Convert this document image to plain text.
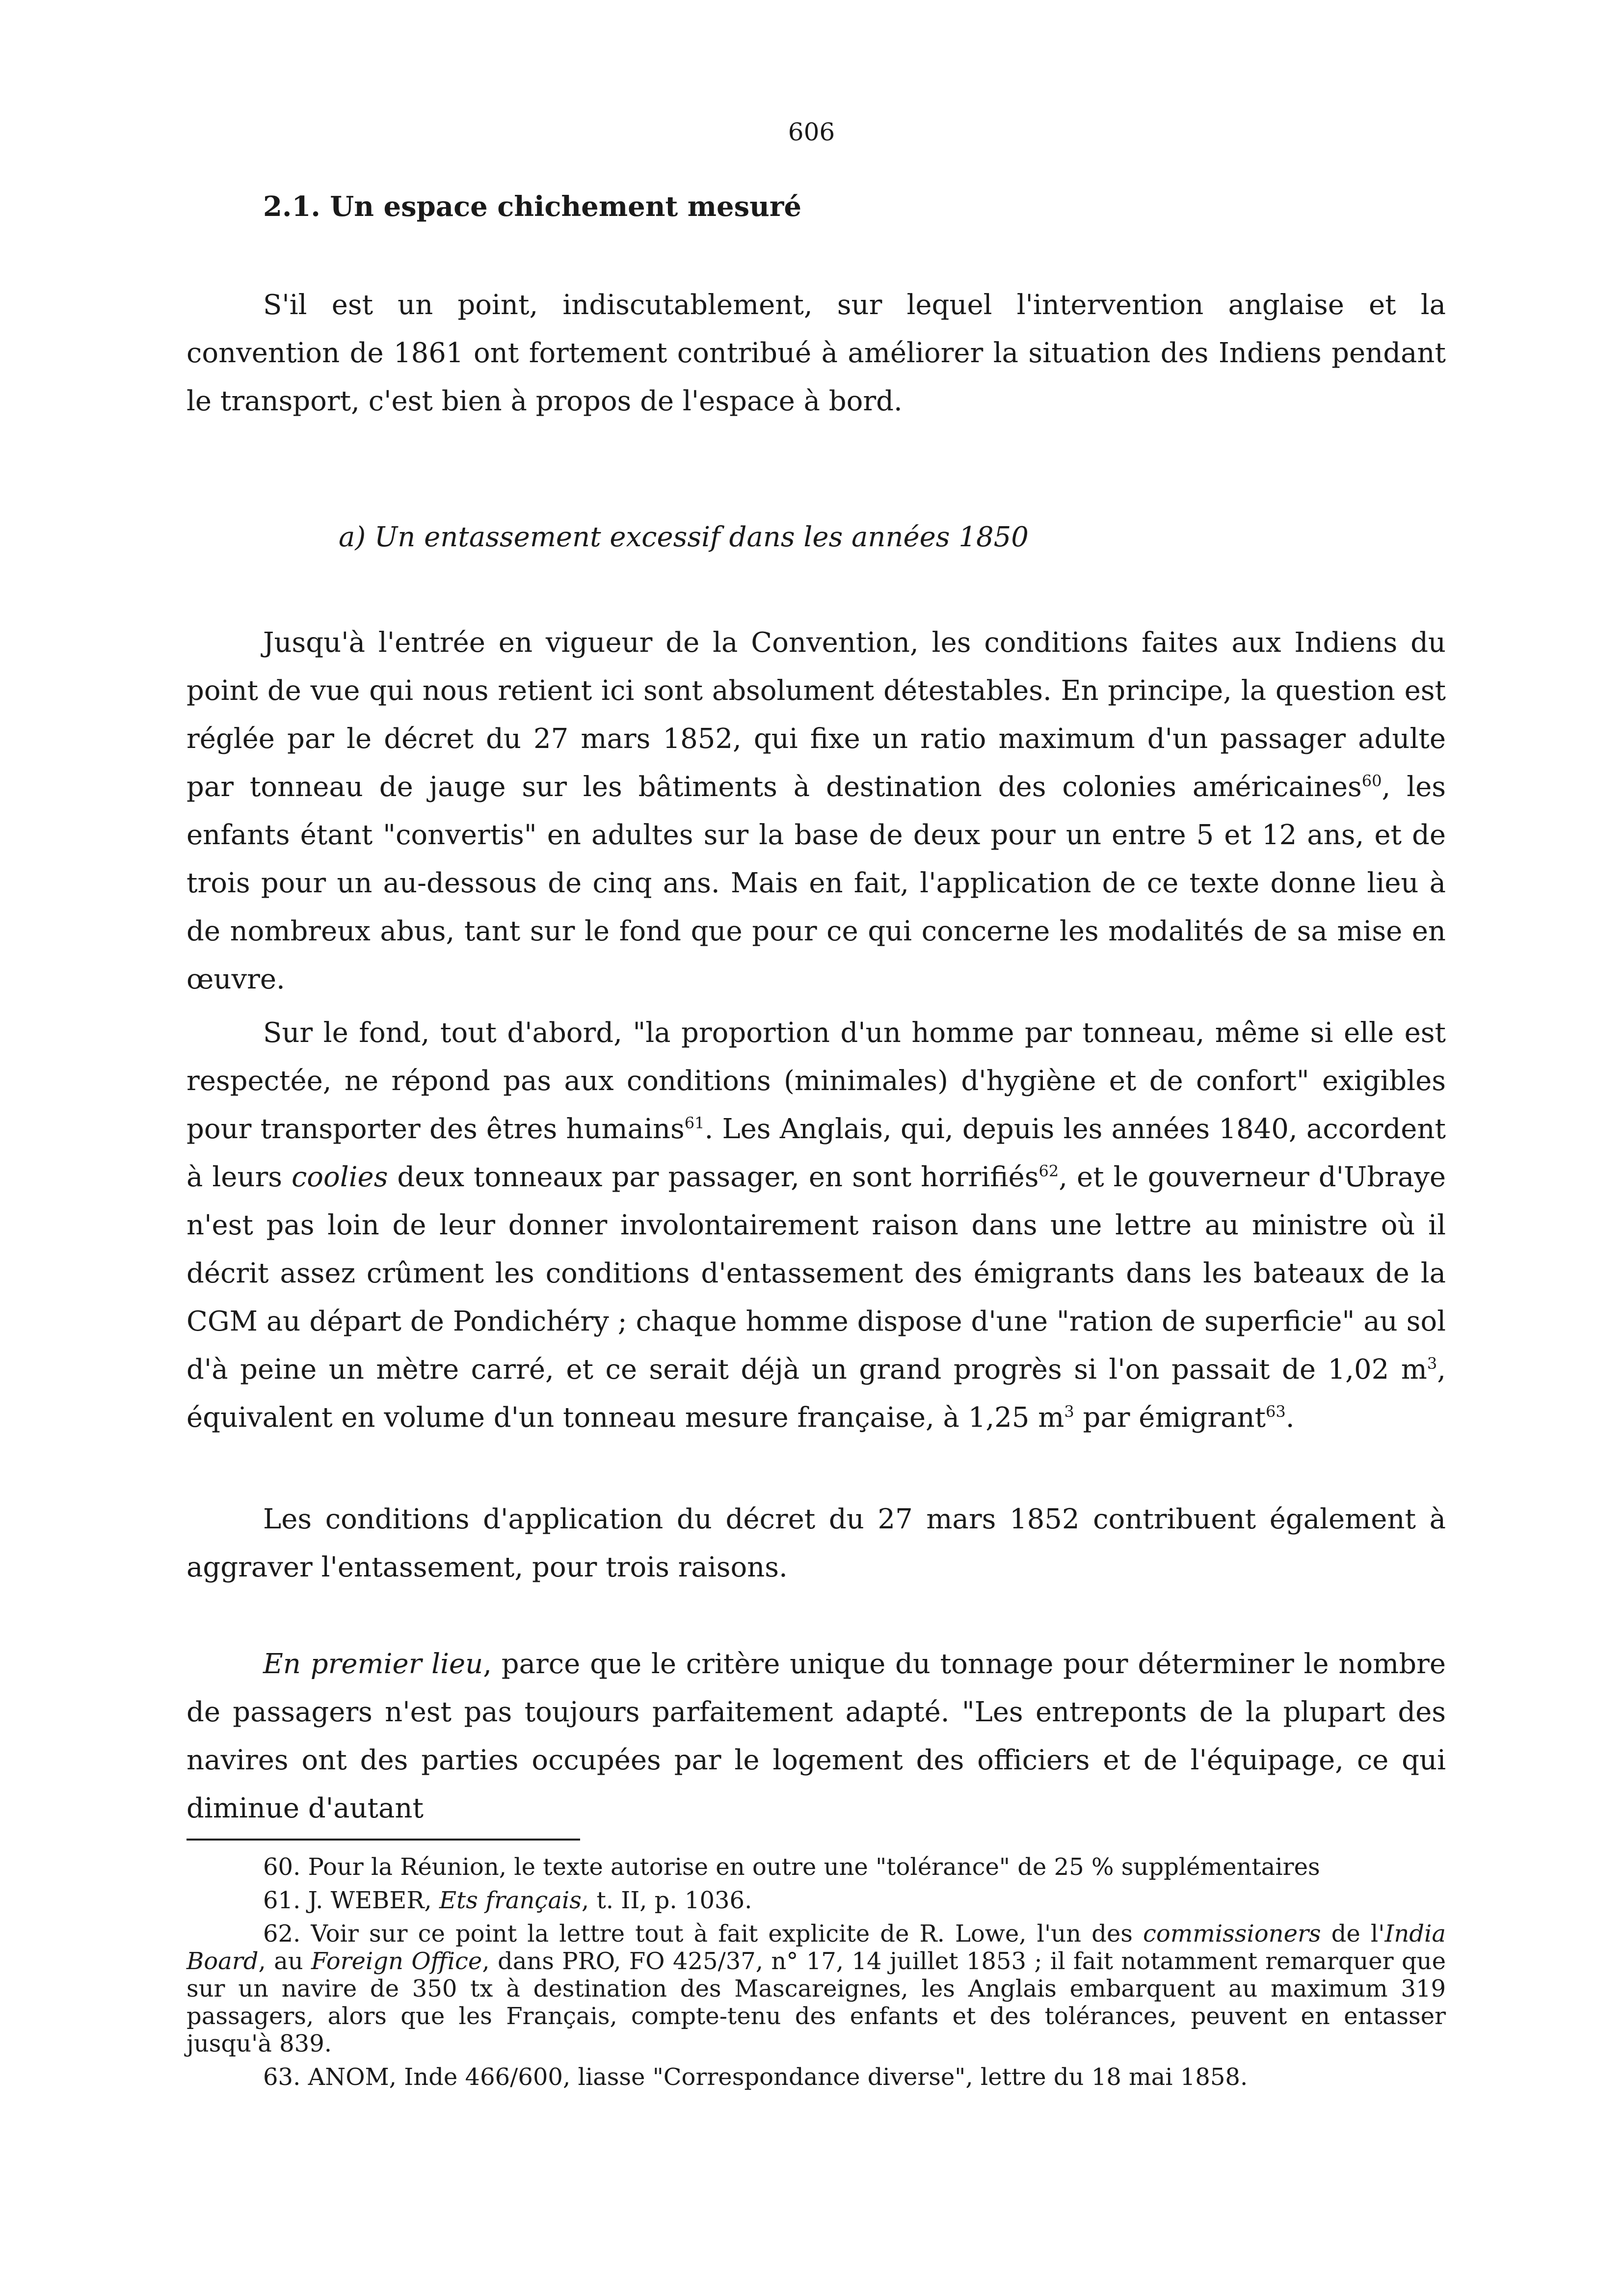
606
2.1. Un espace chichement mesuré

S'il est un point, indiscutablement, sur lequel l'intervention anglaise et la convention de 1861 ont fortement contribué à améliorer la situation des Indiens pendant le transport, c'est bien à propos de l'espace à bord.

a) Un entassement excessif dans les années 1850

Jusqu'à l'entrée en vigueur de la Convention, les conditions faites aux Indiens du point de vue qui nous retient ici sont absolument détestables. En principe, la question est réglée par le décret du 27 mars 1852, qui fixe un ratio maximum d'un passager adulte par tonneau de jauge sur les bâtiments à destination des colonies américaines$^{60}$, les enfants étant "convertis" en adultes sur la base de deux pour un entre 5 et 12 ans, et de trois pour un au-dessous de cinq ans. Mais en fait, l'application de ce texte donne lieu à de nombreux abus, tant sur le fond que pour ce qui concerne les modalités de sa mise en œuvre.

Sur le fond, tout d'abord, "la proportion d'un homme par tonneau, même si elle est respectée, ne répond pas aux conditions (minimales) d'hygiène et de confort" exigibles pour transporter des êtres humains$^{61}$. Les Anglais, qui, depuis les années 1840, accordent à leurs coolies deux tonneaux par passager, en sont horrifiés$^{62}$, et le gouverneur d'Ubraye n'est pas loin de leur donner involontairement raison dans une lettre au ministre où il décrit assez crûment les conditions d'entassement des émigrants dans les bateaux de la CGM au départ de Pondichéry ; chaque homme dispose d'une "ration de superficie" au sol d'à peine un mètre carré, et ce serait déjà un grand progrès si l'on passait de 1,02 $m^3$, équivalent en volume d'un tonneau mesure française, à 1,25 $m^3$ par émigrant$^{63}$.

Les conditions d'application du décret du 27 mars 1852 contribuent également à aggraver l'entassement, pour trois raisons.

En premier lieu, parce que le critère unique du tonnage pour déterminer le nombre de passagers n'est pas toujours parfaitement adapté. "Les entreponts de la plupart des navires ont des parties occupées par le logement des officiers et de l'équipage, ce qui diminue d'autant

60. Pour la Réunion, le texte autorise en outre une "tolérance" de 25 % supplémentaires

61. J. WEBER, Ets français, t. II, p. 1036.

62. Voir sur ce point la lettre tout à fait explicite de R. Lowe, l'un des commissioners de l'India Board, au Foreign Office, dans PRO, FO 425/37, n° 17, 14 juillet 1853 ; il fait notamment remarquer que sur un navire de 350 tx à destination des Mascareignes, les Anglais embarquent au maximum 319 passagers, alors que les Français, compte-tenu des enfants et des tolérances, peuvent en entasser jusqu'à 839.

63. ANOM, Inde 466/600, liasse "Correspondance diverse", lettre du 18 mai 1858.
